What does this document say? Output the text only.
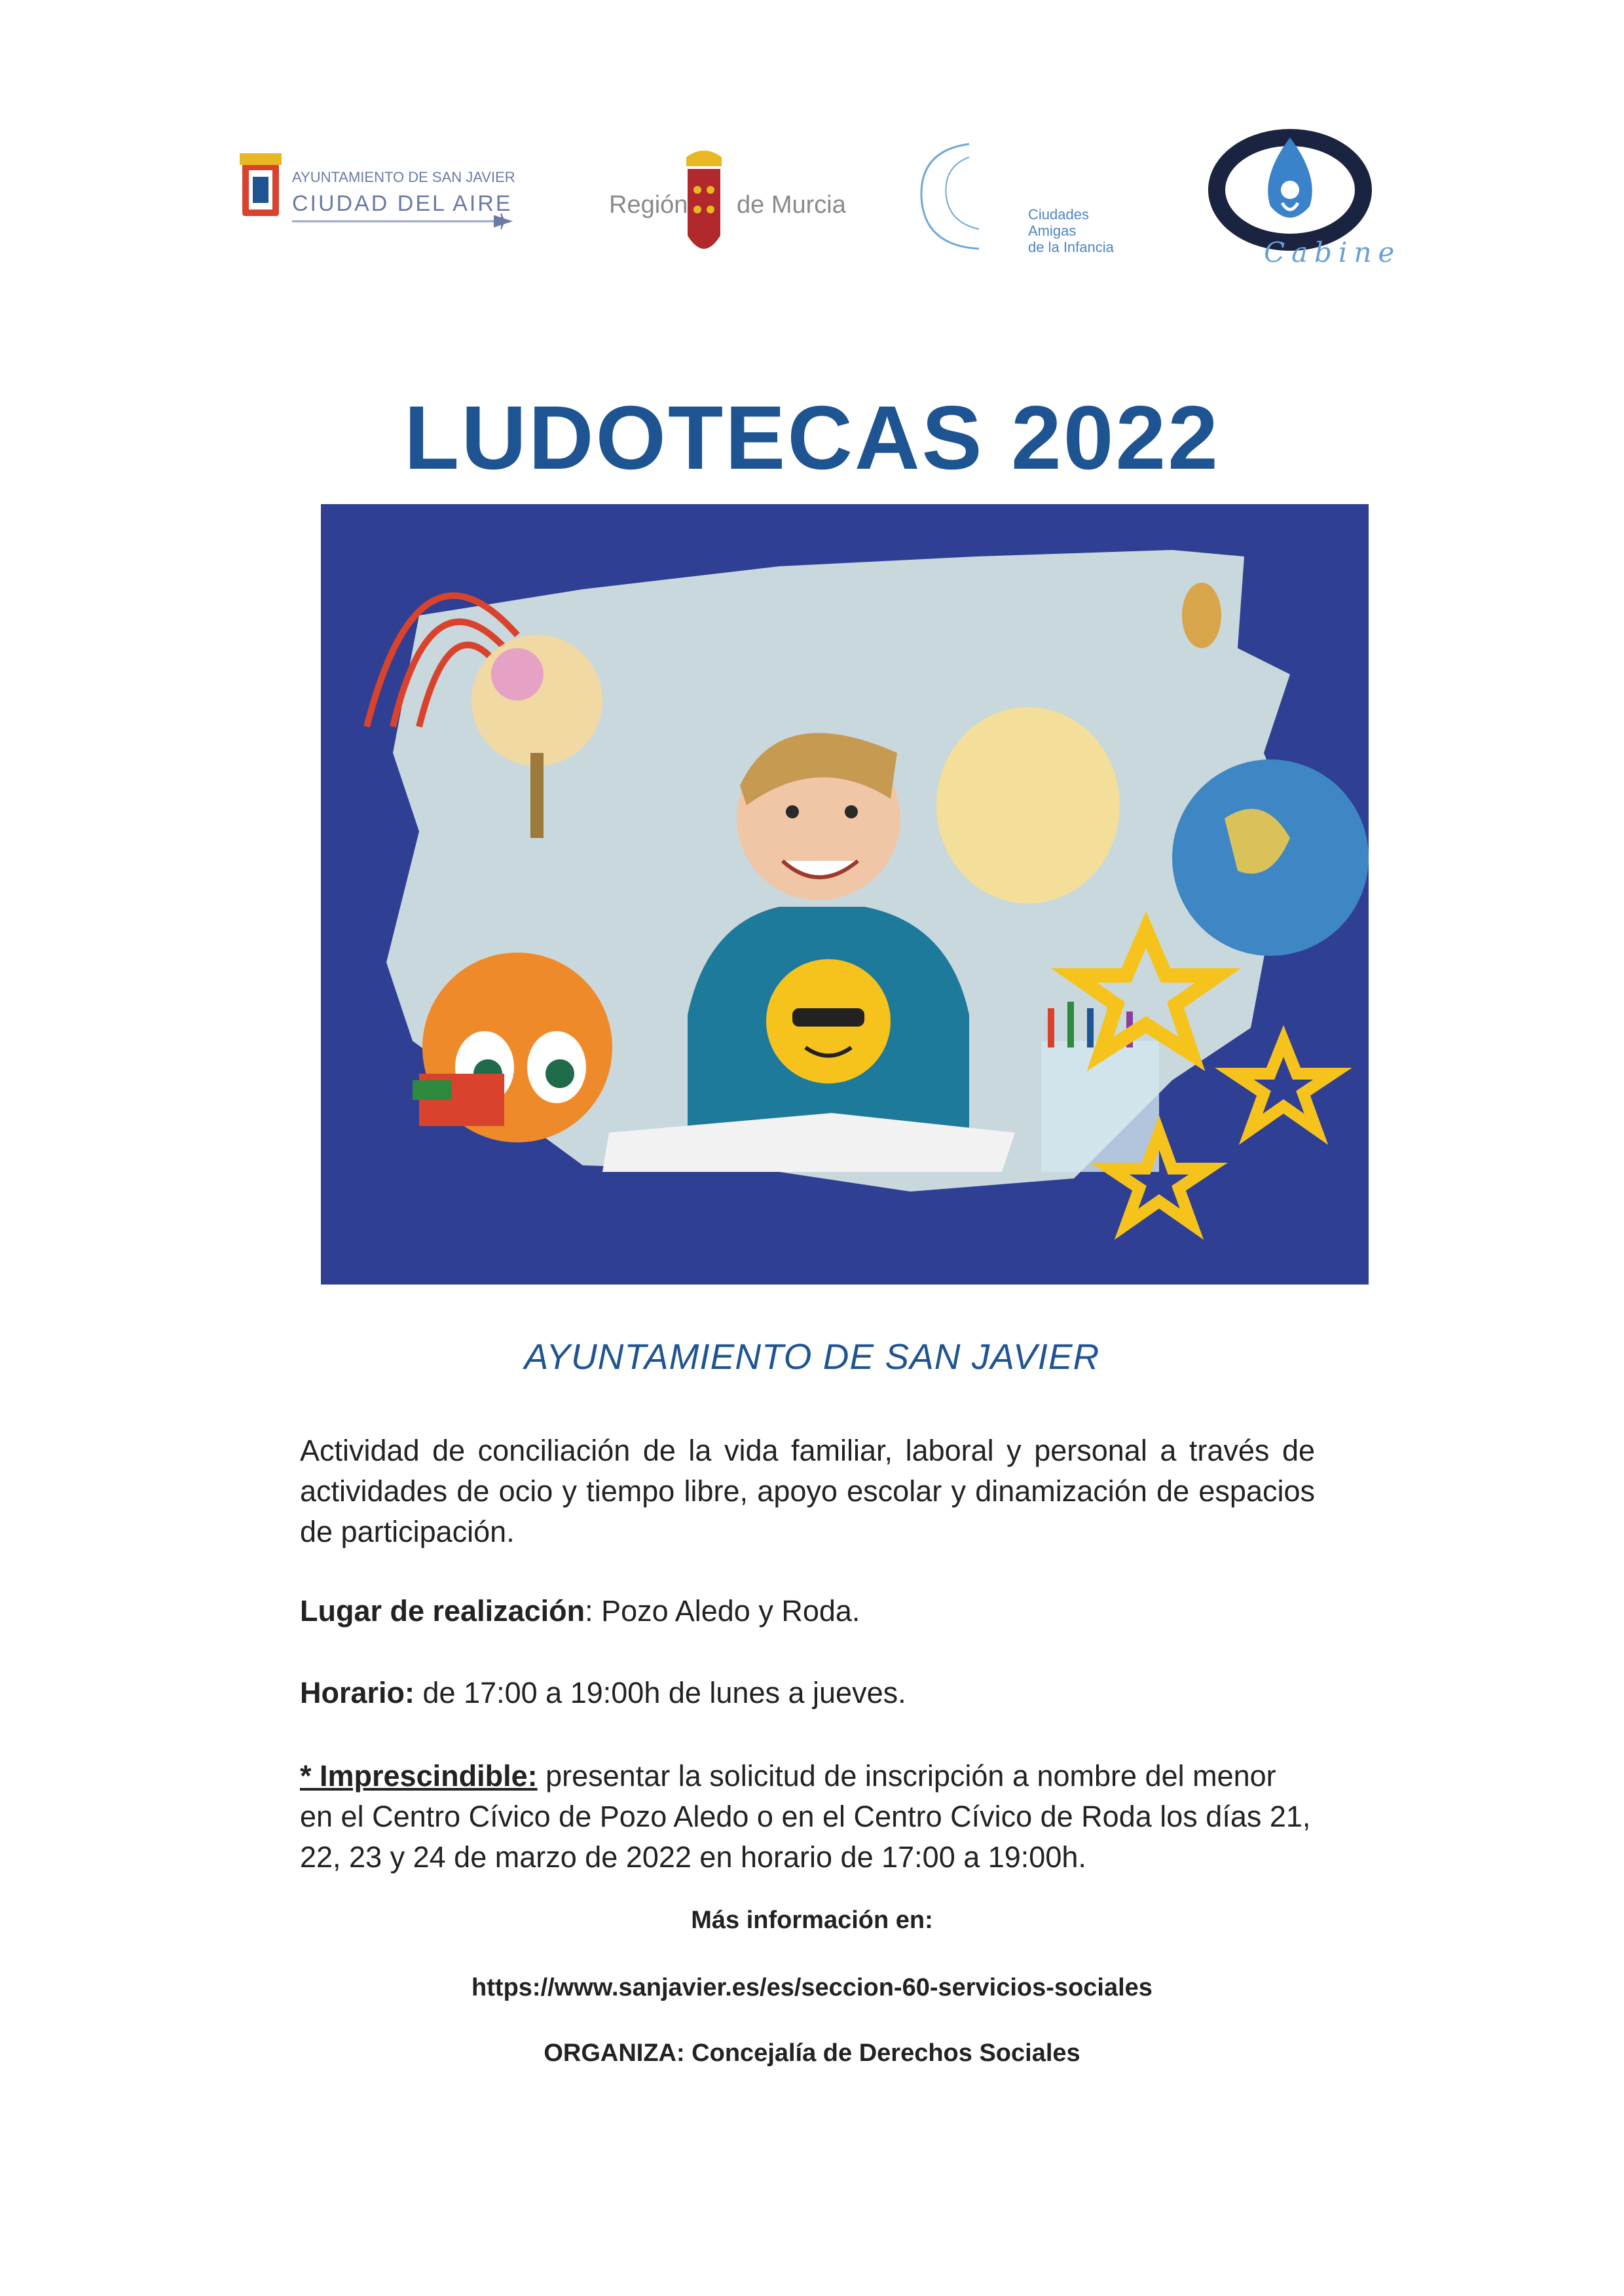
AYUNTAMIENTO DE SAN JAVIER
CIUDAD DEL AIRE	Región de Murcia	Ciudades
Amigas
de la Infancia	Cabine
LUDOTECAS 2022
AYUNTAMIENTO DE SAN JAVIER
Actividad de conciliación de la vida familiar, laboral y personal a través de actividades de ocio y tiempo libre, apoyo escolar y dinamización de espacios de participación.
Lugar de realización: Pozo Aledo y Roda.
Horario: de 17:00 a 19:00h de lunes a jueves.
* Imprescindible: presentar la solicitud de inscripción a nombre del menor en el Centro Cívico de Pozo Aledo o en el Centro Cívico de Roda los días 21, 22, 23 y 24 de marzo de 2022 en horario de 17:00 a 19:00h.
Más información en:
https://www.sanjavier.es/es/seccion-60-servicios-sociales
ORGANIZA: Concejalía de Derechos Sociales
